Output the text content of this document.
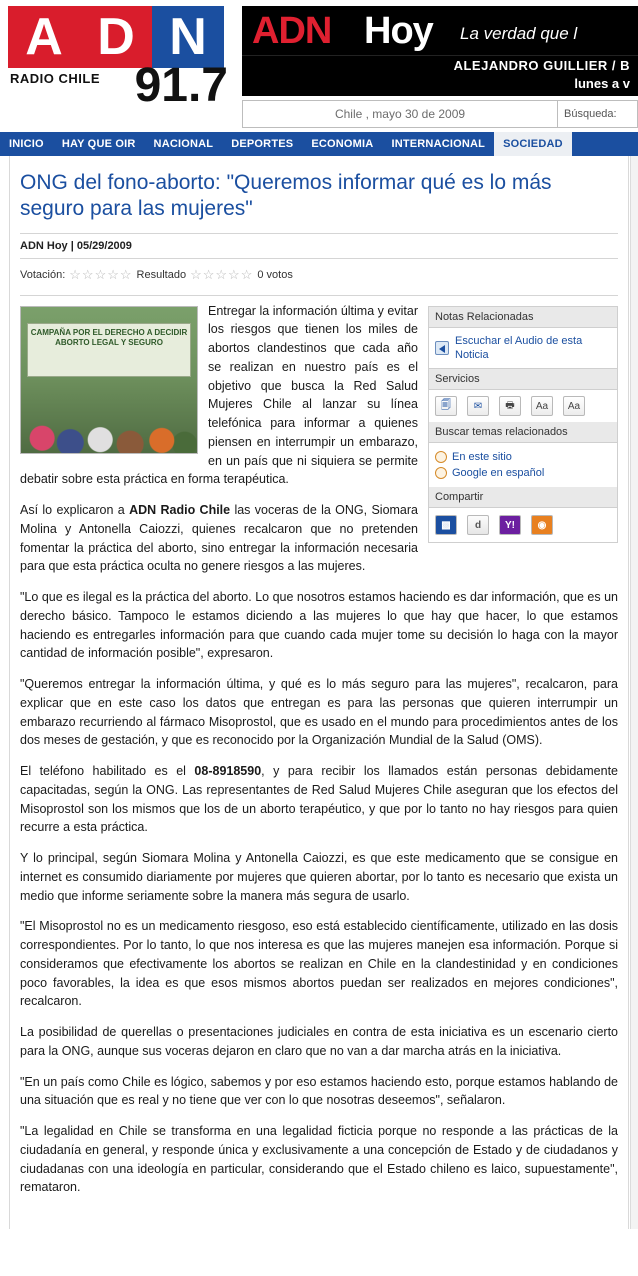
A D N
RADIO CHILE 91.7
ADN Hoy La verdad que l
ALEJANDRO GUILLIER / B
lunes a v
Chile , mayo 30 de 2009	Búsqueda:
INICIO	HAY QUE OIR	NACIONAL	DEPORTES	ECONOMIA	INTERNACIONAL	SOCIEDAD
ONG del fono-aborto: "Queremos informar qué es lo más seguro para las mujeres"
ADN Hoy | 05/29/2009
Votación: ☆☆☆☆☆ Resultado ☆☆☆☆☆ 0 votos
Notas Relacionadas
Escuchar el Audio de esta Noticia
Servicios
🗐	✉	🖶	Aa	Aa
Buscar temas relacionados
En este sitio
Google en español
Compartir
▩	d	Y!	◉
CAMPAÑA POR EL DERECHO A DECIDIR ABORTO LEGAL Y SEGURO

Entregar la información última y evitar los riesgos que tienen los miles de abortos clandestinos que cada año se realizan en nuestro país es el objetivo que busca la Red Salud Mujeres Chile al lanzar su línea telefónica para informar a quienes piensen en interrumpir un embarazo, en un país que ni siquiera se permite debatir sobre esta práctica en forma terapéutica.

Así lo explicaron a ADN Radio Chile las voceras de la ONG, Siomara Molina y Antonella Caiozzi, quienes recalcaron que no pretenden fomentar la práctica del aborto, sino entregar la información necesaria para que esta práctica oculta no genere riesgos a las mujeres.

"Lo que es ilegal es la práctica del aborto. Lo que nosotros estamos haciendo es dar información, que es un derecho básico. Tampoco le estamos diciendo a las mujeres lo que hay que hacer, lo que estamos haciendo es entregarles información para que cuando cada mujer tome su decisión lo haga con la mayor cantidad de información posible", expresaron.

"Queremos entregar la información última, y qué es lo más seguro para las mujeres", recalcaron, para explicar que en este caso los datos que entregan es para las personas que quieren interrumpir un embarazo recurriendo al fármaco Misoprostol, que es usado en el mundo para procedimientos antes de los dos meses de gestación, y que es reconocido por la Organización Mundial de la Salud (OMS).

El teléfono habilitado es el 08-8918590, y para recibir los llamados están personas debidamente capacitadas, según la ONG. Las representantes de Red Salud Mujeres Chile aseguran que los efectos del Misoprostol son los mismos que los de un aborto terapéutico, y que por lo tanto no hay riesgos para quien recurre a esta práctica.

Y lo principal, según Siomara Molina y Antonella Caiozzi, es que este medicamento que se consigue en internet es consumido diariamente por mujeres que quieren abortar, por lo tanto es necesario que exista un medio que informe seriamente sobre la manera más segura de usarlo.

"El Misoprostol no es un medicamento riesgoso, eso está establecido científicamente, utilizado en las dosis correspondientes. Por lo tanto, lo que nos interesa es que las mujeres manejen esa información. Porque si consideramos que efectivamente los abortos se realizan en Chile en la clandestinidad y en condiciones poco favorables, la idea es que esos mismos abortos puedan ser realizados en mejores condiciones", recalcaron.

La posibilidad de querellas o presentaciones judiciales en contra de esta iniciativa es un escenario cierto para la ONG, aunque sus voceras dejaron en claro que no van a dar marcha atrás en la iniciativa.

"En un país como Chile es lógico, sabemos y por eso estamos haciendo esto, porque estamos hablando de una situación que es real y no tiene que ver con lo que nosotras deseemos", señalaron.

"La legalidad en Chile se transforma en una legalidad ficticia porque no responde a las prácticas de la ciudadanía en general, y responde única y exclusivamente a una concepción de Estado y de ciudadanos y ciudadanas con una ideología en particular, considerando que el Estado chileno es laico, supuestamente", remataron.
